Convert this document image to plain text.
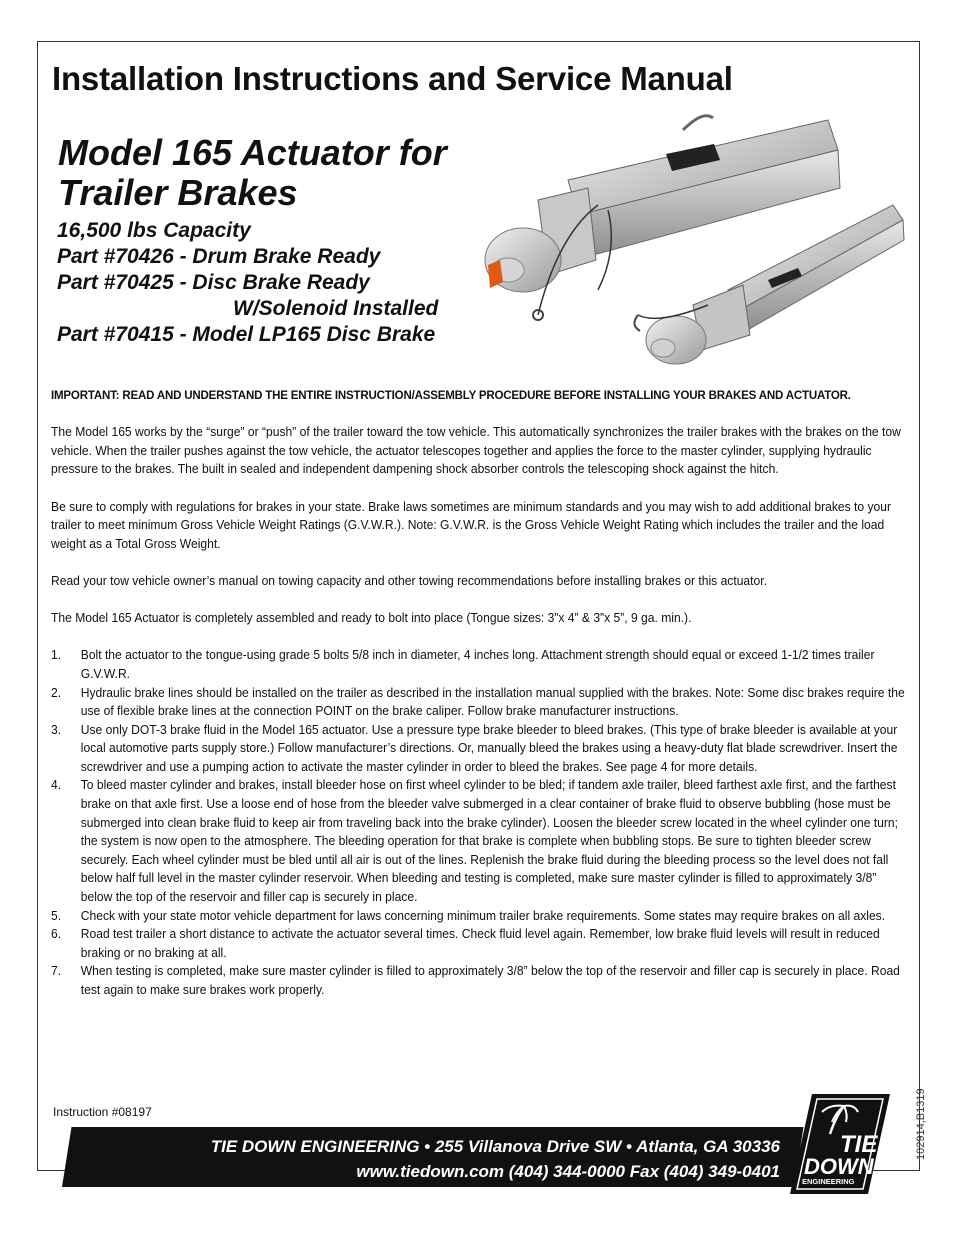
Installation Instructions and Service Manual
Model 165 Actuator for
Trailer Brakes
16,500 lbs Capacity
Part #70426 - Drum Brake Ready
Part #70425 - Disc Brake Ready
W/Solenoid Installed
Part #70415 - Model LP165 Disc Brake

IMPORTANT: READ AND UNDERSTAND THE ENTIRE INSTRUCTION/ASSEMBLY PROCEDURE BEFORE INSTALLING YOUR BRAKES AND ACTUATOR.

The Model 165 works by the “surge” or “push” of the trailer toward the tow vehicle. This automatically synchronizes the trailer brakes with the brakes on the tow vehicle. When the trailer pushes against the tow vehicle, the actuator telescopes together and applies the force to the master cylinder, supplying hydraulic pressure to the brakes. The built in sealed and independent dampening shock absorber controls the telescoping shock against the hitch.

Be sure to comply with regulations for brakes in your state. Brake laws sometimes are minimum standards and you may wish to add additional brakes to your trailer to meet minimum Gross Vehicle Weight Ratings (G.V.W.R.). Note: G.V.W.R. is the Gross Vehicle Weight Rating which includes the trailer and the load weight as a Total Gross Weight.

Read your tow vehicle owner’s manual on towing capacity and other towing recommendations before installing brakes or this actuator.

The Model 165 Actuator is completely assembled and ready to bolt into place (Tongue sizes: 3”x 4” & 3”x 5”, 9 ga. min.).

1. Bolt the actuator to the tongue-using grade 5 bolts 5/8 inch in diameter, 4 inches long. Attachment strength should equal or exceed 1-1/2 times trailer G.V.W.R.
2. Hydraulic brake lines should be installed on the trailer as described in the installation manual supplied with the brakes. Note: Some disc brakes require the use of flexible brake lines at the connection POINT on the brake caliper. Follow brake manufacturer instructions.
3. Use only DOT-3 brake fluid in the Model 165 actuator. Use a pressure type brake bleeder to bleed brakes. (This type of brake bleeder is available at your local automotive parts supply store.) Follow manufacturer’s directions. Or, manually bleed the brakes using a heavy-duty flat blade screwdriver. Insert the screwdriver and use a pumping action to activate the master cylinder in order to bleed the brakes. See page 4 for more details.
4. To bleed master cylinder and brakes, install bleeder hose on first wheel cylinder to be bled; if tandem axle trailer, bleed farthest axle first, and the farthest brake on that axle first. Use a loose end of hose from the bleeder valve submerged in a clear container of brake fluid to observe bubbling (hose must be submerged into clean brake fluid to keep air from traveling back into the brake cylinder). Loosen the bleeder screw located in the wheel cylinder one turn; the system is now open to the atmosphere. The bleeding operation for that brake is complete when bubbling stops. Be sure to tighten bleeder screw securely. Each wheel cylinder must be bled until all air is out of the lines. Replenish the brake fluid during the bleeding process so the level does not fall below half full level in the master cylinder reservoir. When bleeding and testing is completed, make sure master cylinder is filled to approximately 3/8” below the top of the reservoir and filler cap is securely in place.
5. Check with your state motor vehicle department for laws concerning minimum trailer brake requirements. Some states may require brakes on all axles.
6. Road test trailer a short distance to activate the actuator several times. Check fluid level again. Remember, low brake fluid levels will result in reduced braking or no braking at all.
7. When testing is completed, make sure master cylinder is filled to approximately 3/8” below the top of the reservoir and filler cap is securely in place. Road test again to make sure brakes work properly.
Instruction #08197
TIE DOWN ENGINEERING • 255 Villanova Drive SW • Atlanta, GA 30336
www.tiedown.com (404) 344-0000 Fax (404) 349-0401
TIE
DOWN
ENGINEERING
102914,B1319
